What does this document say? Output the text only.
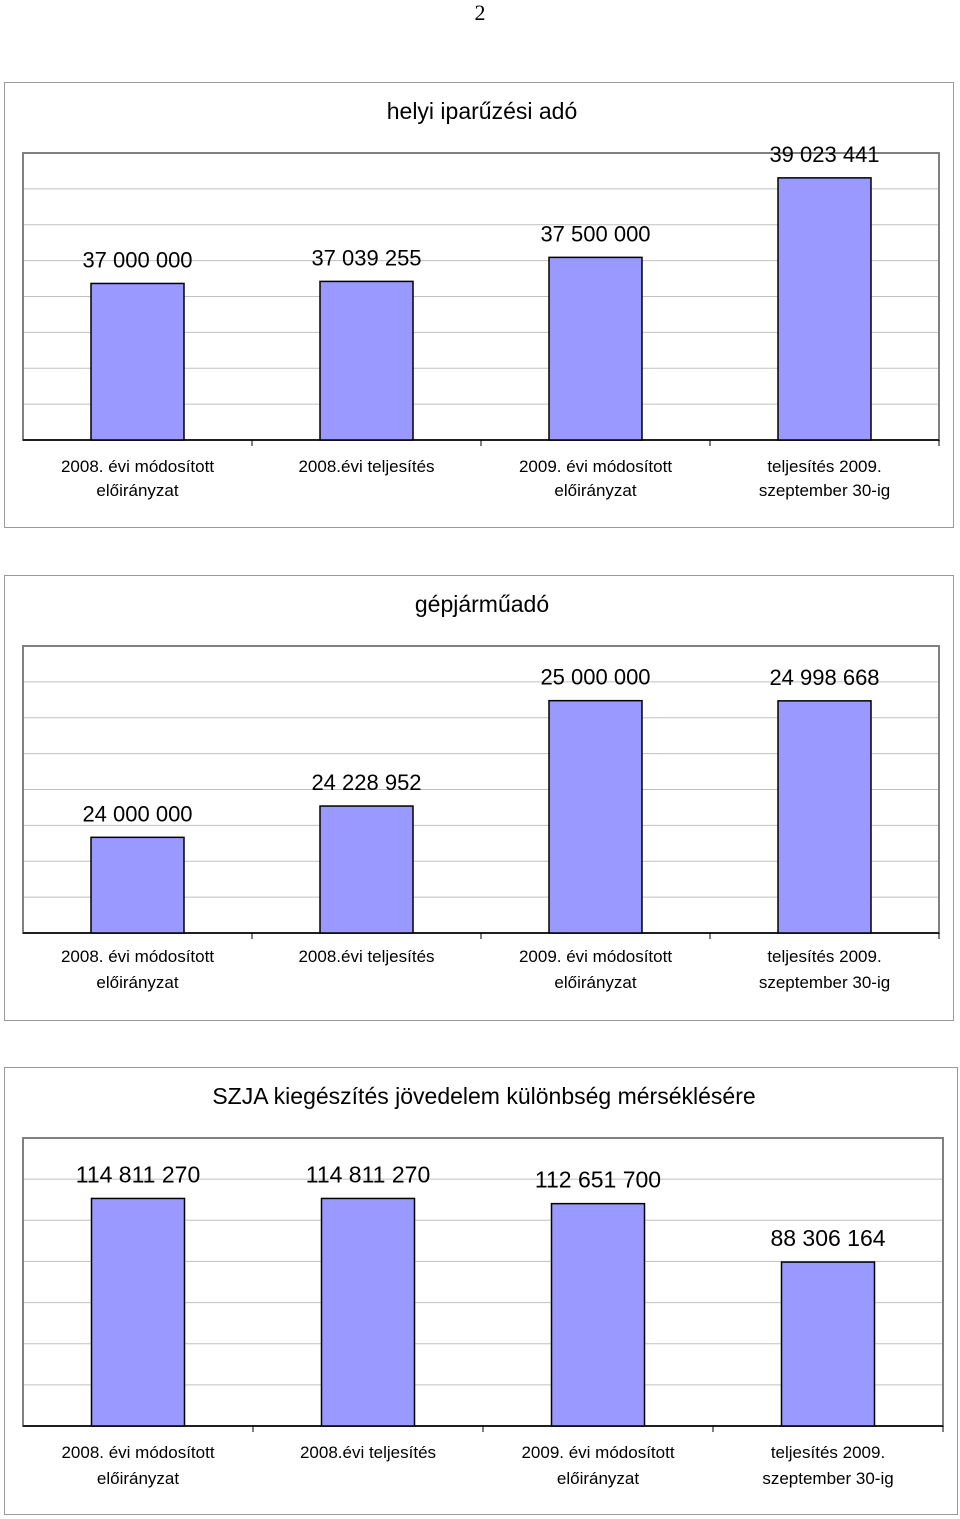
2
helyi iparűzési adó
37 000 000
2008. évi módosított
előirányzat
37 039 255
2008.évi teljesítés
37 500 000
2009. évi módosított
előirányzat
39 023 441
teljesítés 2009.
szeptember 30-ig
gépjárműadó
24 000 000
2008. évi módosított
előirányzat
24 228 952
2008.évi teljesítés
25 000 000
2009. évi módosított
előirányzat
24 998 668
teljesítés 2009.
szeptember 30-ig
SZJA kiegészítés jövedelem különbség mérséklésére
114 811 270
2008. évi módosított
előirányzat
114 811 270
2008.évi teljesítés
112 651 700
2009. évi módosított
előirányzat
88 306 164
teljesítés 2009.
szeptember 30-ig
